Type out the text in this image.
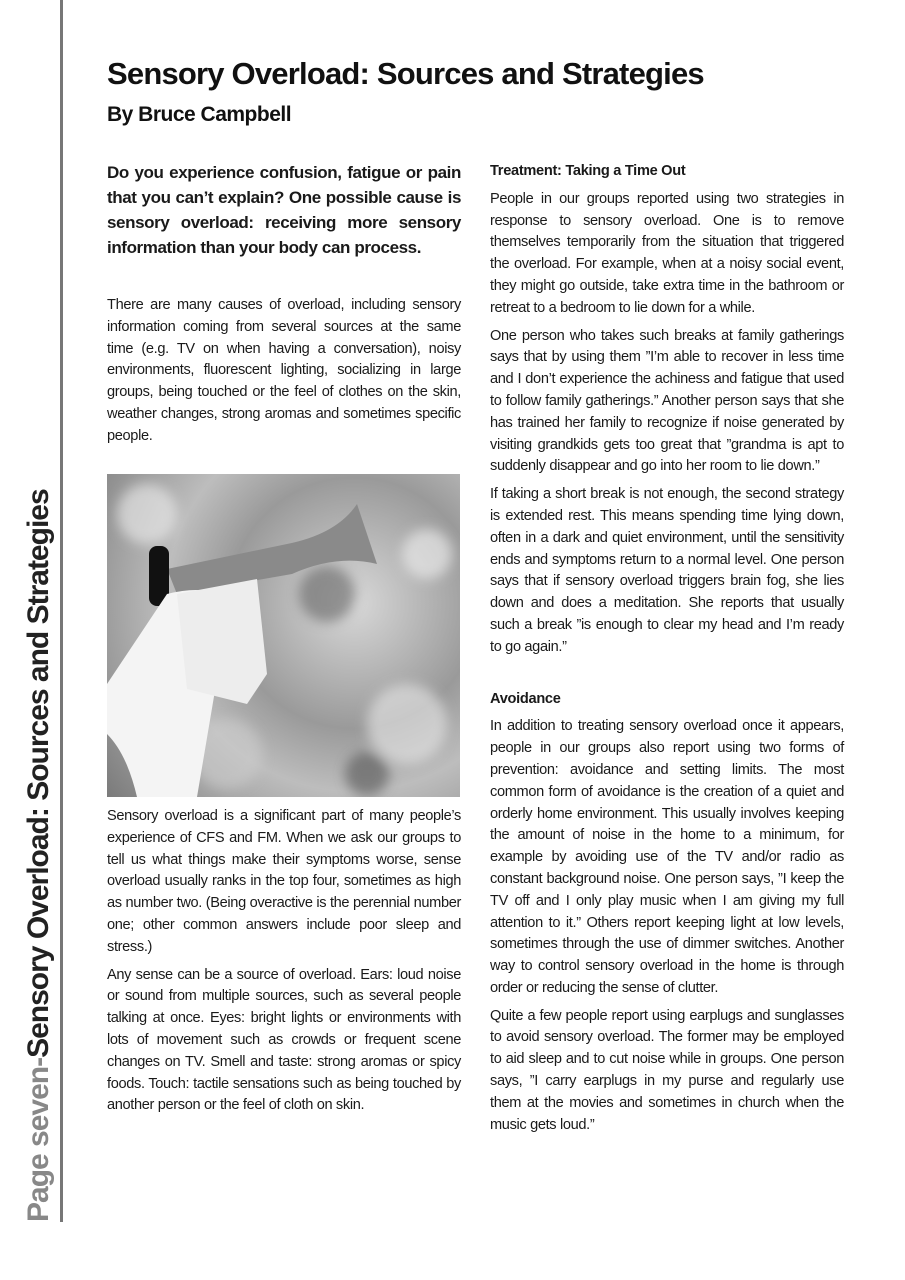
Page seven-Sensory Overload: Sources and Strategies
Sensory Overload: Sources and Strategies
By Bruce Campbell
Do you experience confusion, fatigue or pain that you can’t explain? One possible cause is sensory overload: receiving more sensory information than your body can process.

There are many causes of overload, including sensory information coming from several sources at the same time (e.g. TV on when having a conversation), noisy environments, fluorescent lighting, socializing in large groups, being touched or the feel of clothes on the skin, weather changes, strong aromas and sometimes specific people.

Sensory overload is a significant part of many people’s experience of CFS and FM. When we ask our groups to tell us what things make their symptoms worse, sense overload usually ranks in the top four, sometimes as high as number two. (Being overactive is the perennial number one; other common answers include poor sleep and stress.)

Any sense can be a source of overload. Ears: loud noise or sound from multiple sources, such as several people talking at once. Eyes: bright lights or environments with lots of movement such as crowds or frequent scene changes on TV. Smell and taste: strong aromas or spicy foods. Touch: tactile sensations such as being touched by another person or the feel of cloth on skin.

Treatment: Taking a Time Out

People in our groups reported using two strategies in response to sensory overload. One is to remove themselves temporarily from the situation that triggered the overload. For example, when at a noisy social event, they might go outside, take extra time in the bathroom or retreat to a bedroom to lie down for a while.

One person who takes such breaks at family gatherings says that by using them ”I’m able to recover in less time and I don’t experience the achiness and fatigue that used to follow family gatherings.” Another person says that she has trained her family to recognize if noise generated by visiting grandkids gets too great that ”grandma is apt to suddenly disappear and go into her room to lie down.”

If taking a short break is not enough, the second strategy is extended rest. This means spending time lying down, often in a dark and quiet environment, until the sensitivity ends and symptoms return to a normal level. One person says that if sensory overload triggers brain fog, she lies down and does a meditation. She reports that usually such a break ”is enough to clear my head and I’m ready to go again.”

Avoidance

In addition to treating sensory overload once it appears, people in our groups also report using two forms of prevention: avoidance and setting limits. The most common form of avoidance is the creation of a quiet and orderly home environment. This usually involves keeping the amount of noise in the home to a minimum, for example by avoiding use of the TV and/or radio as constant background noise. One person says, ”I keep the TV off and I only play music when I am giving my full attention to it.” Others report keeping light at low levels, sometimes through the use of dimmer switches. Another way to control sensory overload in the home is through order or reducing the sense of clutter.

Quite a few people report using earplugs and sunglasses to avoid sensory overload. The former may be employed to aid sleep and to cut noise while in groups. One person says, ”I carry earplugs in my purse and regularly use them at the movies and sometimes in church when the music gets loud.”
